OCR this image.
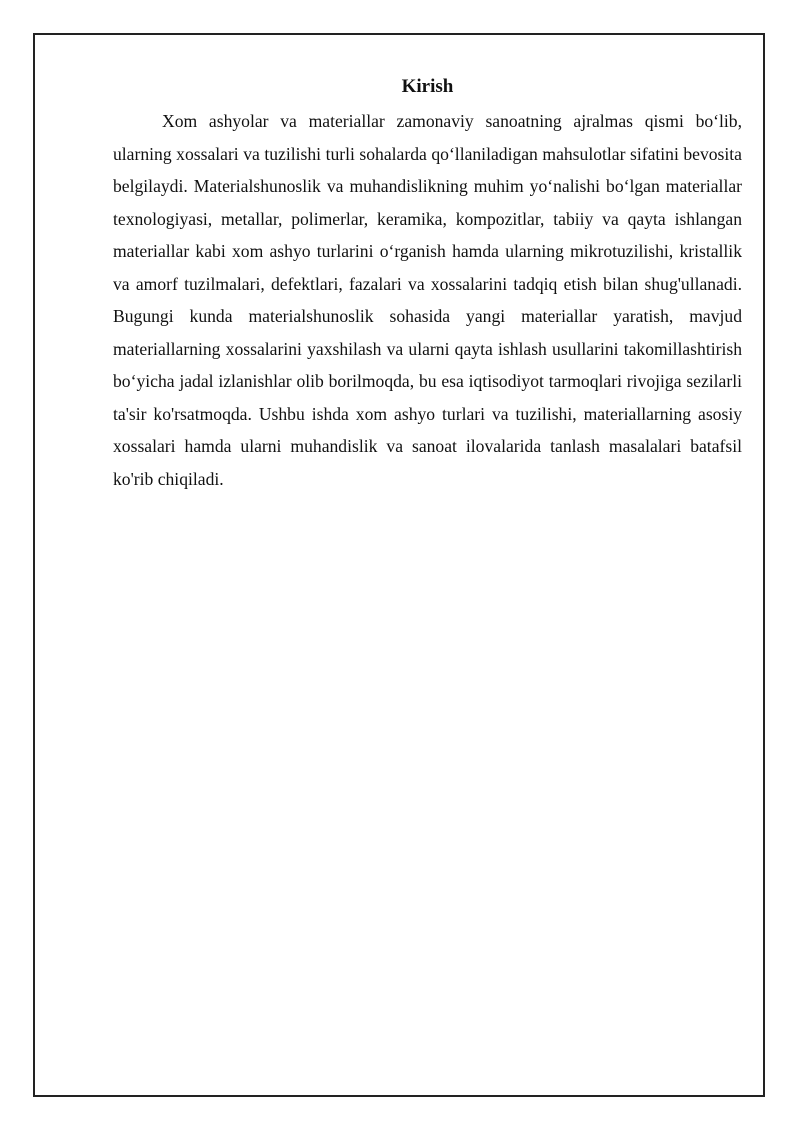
Kirish

Xom ashyolar va materiallar zamonaviy sanoatning ajralmas qismi boʻlib, ularning xossalari va tuzilishi turli sohalarda qoʻllaniladigan mahsulotlar sifatini bevosita belgilaydi. Materialshunoslik va muhandislikning muhim yoʻnalishi boʻlgan materiallar texnologiyasi, metallar, polimerlar, keramika, kompozitlar, tabiiy va qayta ishlangan materiallar kabi xom ashyo turlarini oʻrganish hamda ularning mikrotuzilishi, kristallik va amorf tuzilmalari, defektlari, fazalari va xossalarini tadqiq etish bilan shug'ullanadi. Bugungi kunda materialshunoslik sohasida yangi materiallar yaratish, mavjud materiallarning xossalarini yaxshilash va ularni qayta ishlash usullarini takomillashtirish boʻyicha jadal izlanishlar olib borilmoqda, bu esa iqtisodiyot tarmoqlari rivojiga sezilarli ta'sir ko'rsatmoqda. Ushbu ishda xom ashyo turlari va tuzilishi, materiallarning asosiy xossalari hamda ularni muhandislik va sanoat ilovalarida tanlash masalalari batafsil ko'rib chiqiladi.
